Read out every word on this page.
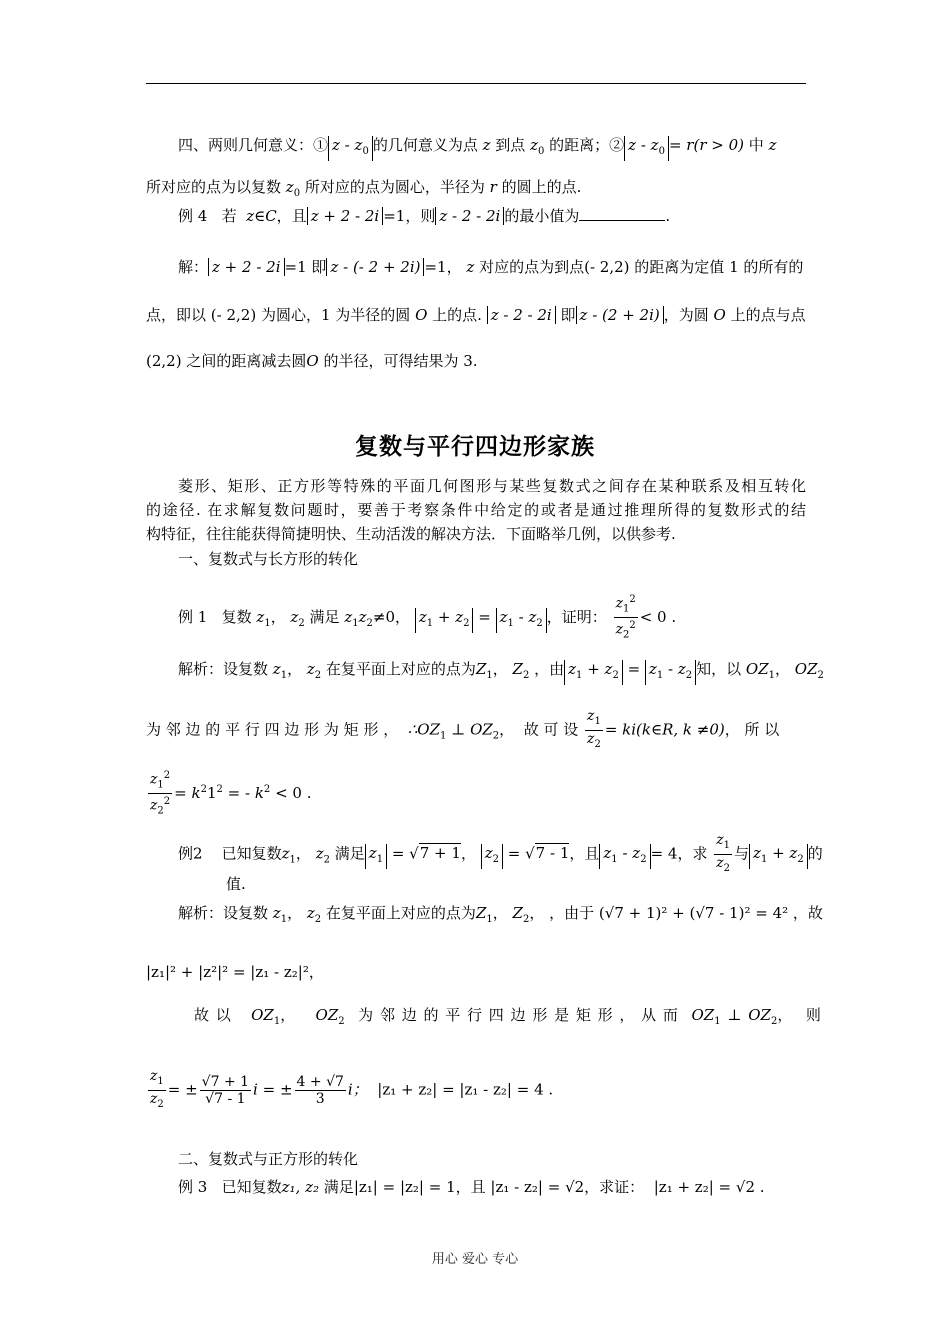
四、两则几何意义：① z - $z_0$ 的几何意义为点 z 到点 $z_0$ 的距离；② $z - z_0 = r(r > 0)$ 中 z
所对应的点为以复数 $z_0$ 所对应的点为圆心，半径为 r 的圆上的点.
例 4 若 z∈C，且 z + 2 - 2i =1，则 z - 2 - 2i 的最小值为	.
解： z + 2 - 2i =1 即 z - (- 2 + 2i) =1， z 对应的点为到点(- 2,2) 的距离为定值 1 的所有的
点，即以 (- 2,2) 为圆心，1 为半径的圆 O 上的点. z - 2 - 2i 即 z - (2 + 2i) ，为圆 O 上的点与点
(2,2) 之间的距离减去圆O 的半径，可得结果为 3.
复数与平行四边形家族
菱形、矩形、正方形等特殊的平面几何图形与某些复数式之间存在某种联系及相互转化
的途径. 在求解复数问题时，要善于考察条件中给定的或者是通过推理所得的复数形式的结
构特征，往往能获得简捷明快、生动活泼的解决方法．下面略举几例，以供参考.
一、复数式与长方形的转化
例 1 复数 $z_1$， $z_2$ 满足 $z_1z_2\ne 0$， $z_1 + z_2 = z_1 - z_2$ ，证明： $\frac{z_1^2}{z_2^2} < 0$ .
解析：设复数 $z_1$， $z_2$ 在复平面上对应的点为$Z_1$， $Z_2$ ，由 $z_1 + z_2 = z_1 - z_2$ 知，以 $OZ_1$， $OZ_2$
为 邻 边 的 平 行 四 边 形 为 矩 形 ， $\therefore OZ_1$ ⊥ $OZ_2$，  故 可 设 $\frac{z_1}{z_2}$ = ki(k∈R, k ≠0)， 所 以
$\frac{z_1^2}{z_2^2} = k^21^2$ = - $k^2 < 0$ .
例2 已知复数$z_1$， $z_2$ 满足 $z_1 = √7 + 1$， $z_2 = √7 - 1$，且 $z_1 - z_2 = 4$，求 $\frac{z_1}{z_2}$ 与 $z_1 + z_2$ 的
值.
解析：设复数 $z_1$， $z_2$ 在复平面上对应的点为$Z_1$， $Z_2$， ，由于 (√7 + 1)² + (√7 - 1)² = 4² ，故
|z₁|² + |z²|² = |z₁ - z₂|²，
故 以 $OZ_1$，   $OZ_2$ 为 邻 边 的 平 行 四 边 形 是 矩 形 ， 从 而 $OZ_1$ ⊥ $OZ_2$，  则
$\frac{z_1}{z_2}$ = ± $\frac{√7 + 1}{√7 - 1}$ i = ± $\frac{4 + √7}{3}$ i； |z₁ + z₂| = |z₁ - z₂| = 4 .
二、复数式与正方形的转化
例 3 已知复数z₁, z₂ 满足|z₁| = |z₂| = 1，且 |z₁ - z₂| = √2，求证： |z₁ + z₂| = √2 .
用心 爱心 专心
